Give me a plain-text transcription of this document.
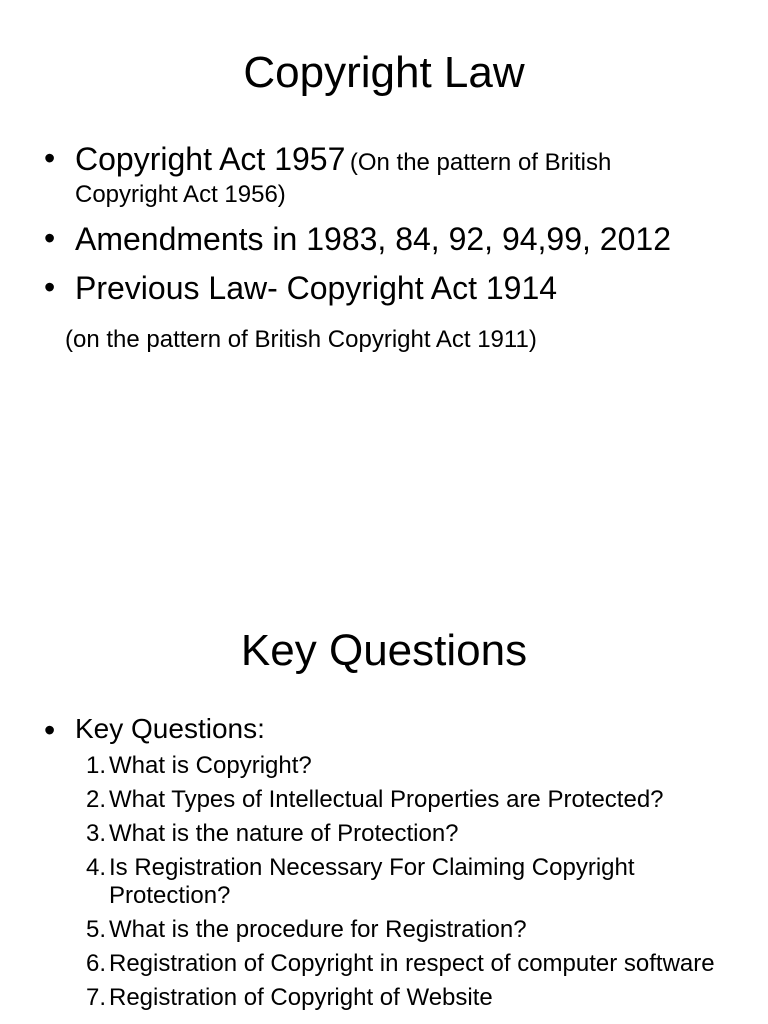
Copyright Law
• Copyright Act 1957 (On the pattern of British
Copyright Act 1956)
• Amendments in 1983, 84, 92, 94,99, 2012
• Previous Law- Copyright Act 1914
(on the pattern of British Copyright Act 1911)
Key Questions
• Key Questions:
1. What is Copyright?
2. What Types of Intellectual Properties are Protected?
3. What is the nature of Protection?
4. Is Registration Necessary For Claiming Copyright Protection?
5. What is the procedure for Registration?
6. Registration of Copyright in respect of computer software
7. Registration of Copyright of Website
